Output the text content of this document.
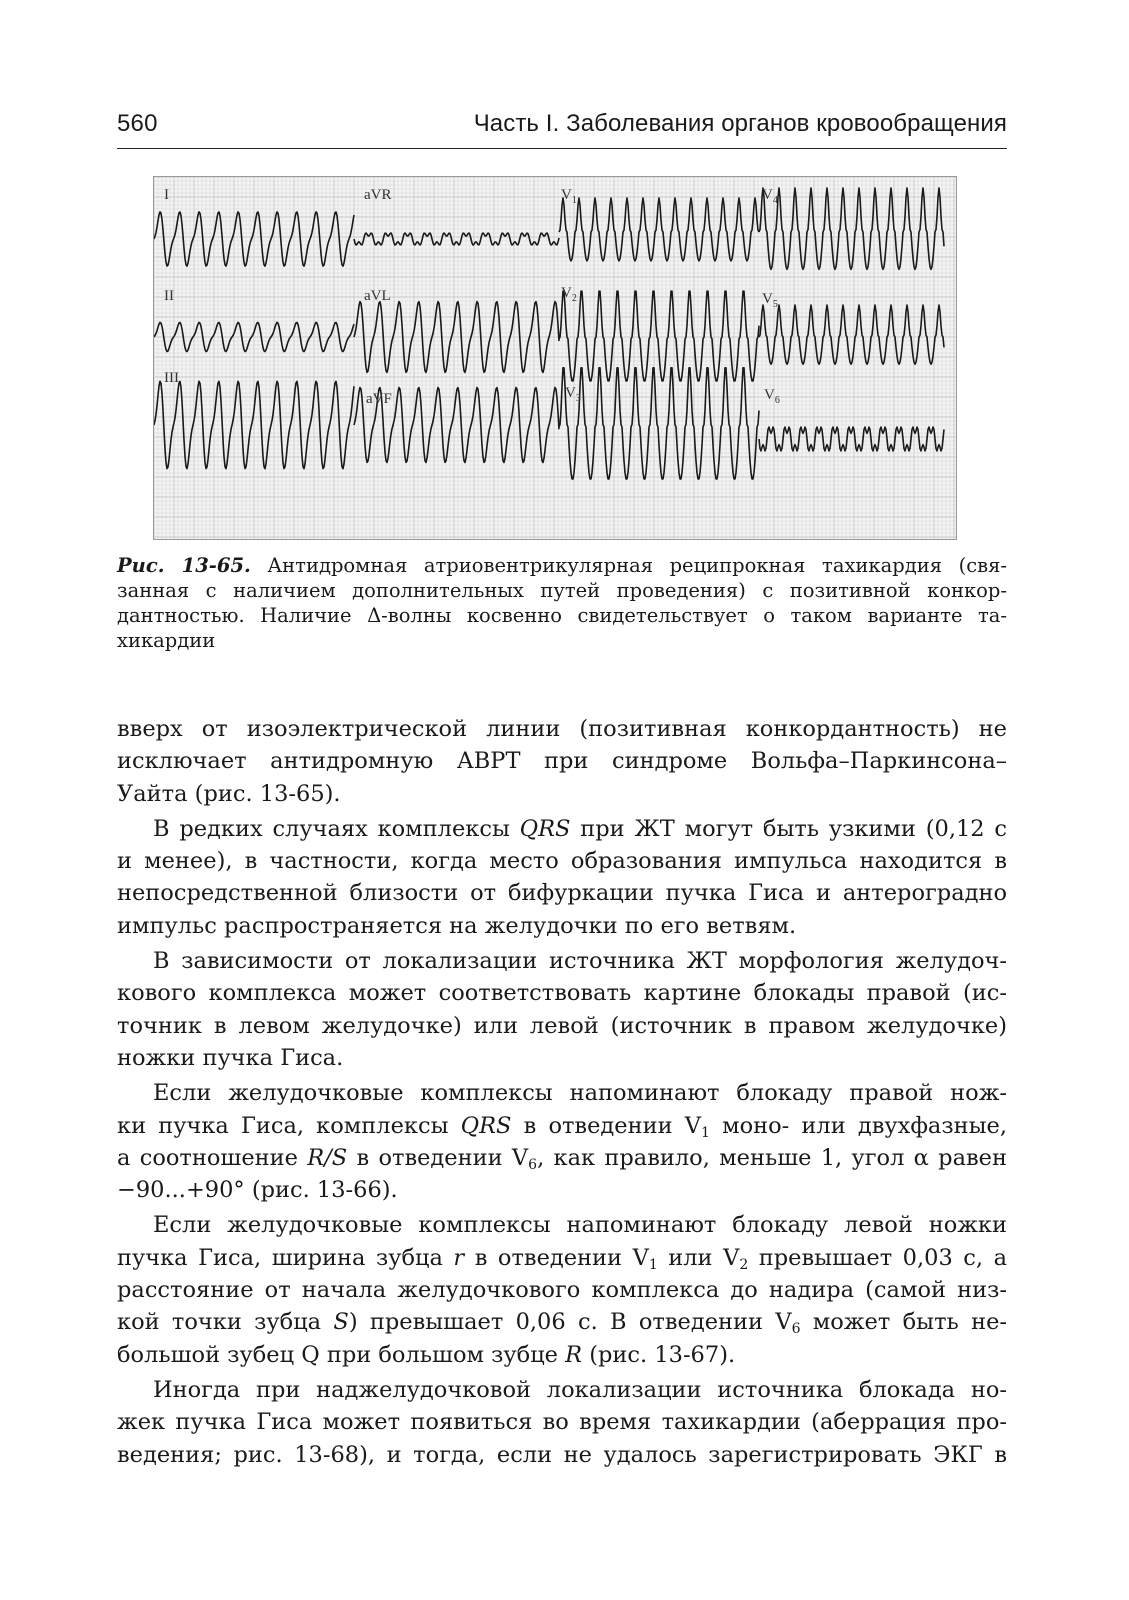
560	Часть I. Заболевания органов кровообращения
I	aVR	$V_1$	$V_4$
II	aVL	$V_2$	$V_5$
III
aVF	$V_3$	$V_6$
Рис. 13-65. Антидромная атриовентрикулярная реципрокная тахикардия (свя-
занная с наличием дополнительных путей проведения) с позитивной конкор-
дантностью. Наличие Δ-волны косвенно свидетельствует о таком варианте та-
хикардии
вверх от изоэлектрической линии (позитивная конкордантность) не
исключает антидромную АВРТ при синдроме Вольфа–Паркинсона–
Уайта (рис. 13-65).
В редких случаях комплексы QRS при ЖТ могут быть узкими (0,12 с
и менее), в частности, когда место образования импульса находится в
непосредственной близости от бифуркации пучка Гиса и антероградно
импульс распространяется на желудочки по его ветвям.
В зависимости от локализации источника ЖТ морфология желудоч-
кового комплекса может соответствовать картине блокады правой (ис-
точник в левом желудочке) или левой (источник в правом желудочке)
ножки пучка Гиса.
Если желудочковые комплексы напоминают блокаду правой нож-
ки пучка Гиса, комплексы QRS в отведении $V_1$ моно- или двухфазные,
а соотношение R/S в отведении $V_6$, как правило, меньше 1, угол α равен
−90...+90° (рис. 13-66).
Если желудочковые комплексы напоминают блокаду левой ножки
пучка Гиса, ширина зубца r в отведении $V_1$ или $V_2$ превышает 0,03 с, а
расстояние от начала желудочкового комплекса до надира (самой низ-
кой точки зубца S) превышает 0,06 с. В отведении $V_6$ может быть не-
большой зубец Q при большом зубце R (рис. 13-67).
Иногда при наджелудочковой локализации источника блокада но-
жек пучка Гиса может появиться во время тахикардии (аберрация про-
ведения; рис. 13-68), и тогда, если не удалось зарегистрировать ЭКГ в
